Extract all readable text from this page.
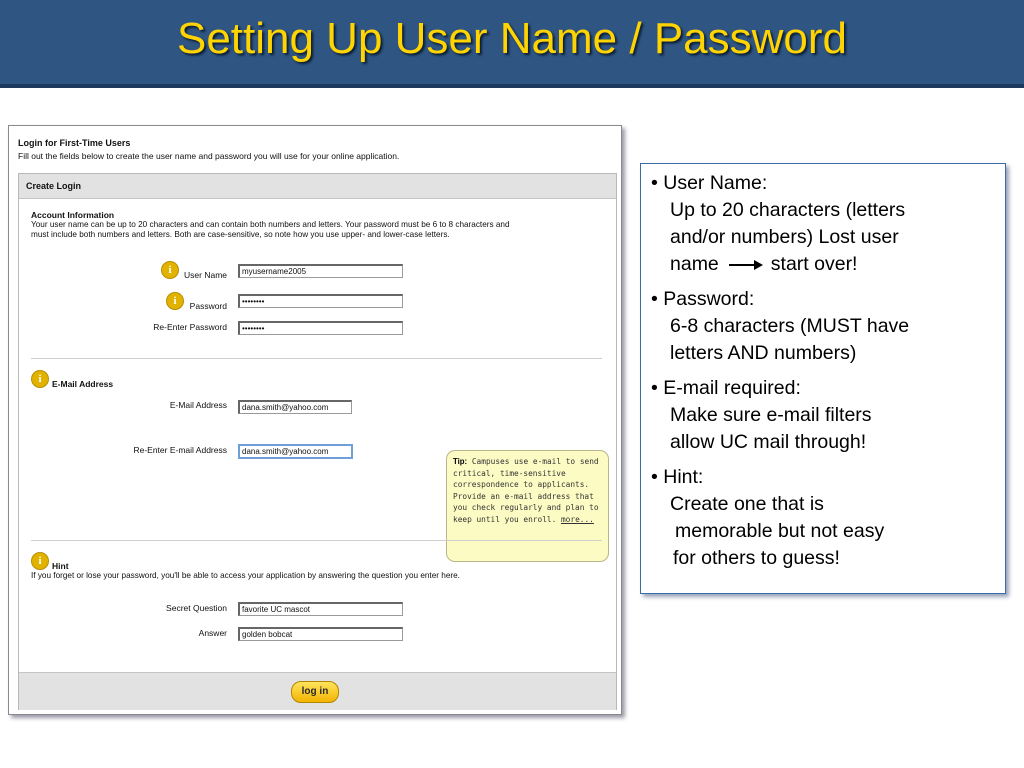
Setting Up User Name / Password
Login for First-Time Users
Fill out the fields below to create the user name and password you will use for your online application.
Create Login
Account Information
Your user name can be up to 20 characters and can contain both numbers and letters. Your password must be 6 to 8 characters and
must include both numbers and letters. Both are case-sensitive, so note how you use upper- and lower-case letters.
i	User Name	myusername2005
i	Password	••••••••
Re-Enter Password	••••••••
i	E-Mail Address
E-Mail Address	dana.smith@yahoo.com
Re-Enter E-mail Address	dana.smith@yahoo.com
Tip: Campuses use e-mail to send critical, time-sensitive correspondence to applicants. Provide an e-mail address that you check regularly and plan to keep until you enroll. more...
i	Hint
If you forget or lose your password, you'll be able to access your application by answering the question you enter here.
Secret Question	favorite UC mascot
Answer	golden bobcat
log in
• User Name:
Up to 20 characters (letters
and/or numbers) Lost user
name	start over!
• Password:
6-8 characters (MUST have
letters AND numbers)
• E-mail required:
Make sure e-mail filters
allow UC mail through!
• Hint:
Create one that is
memorable but not easy
for others to guess!
